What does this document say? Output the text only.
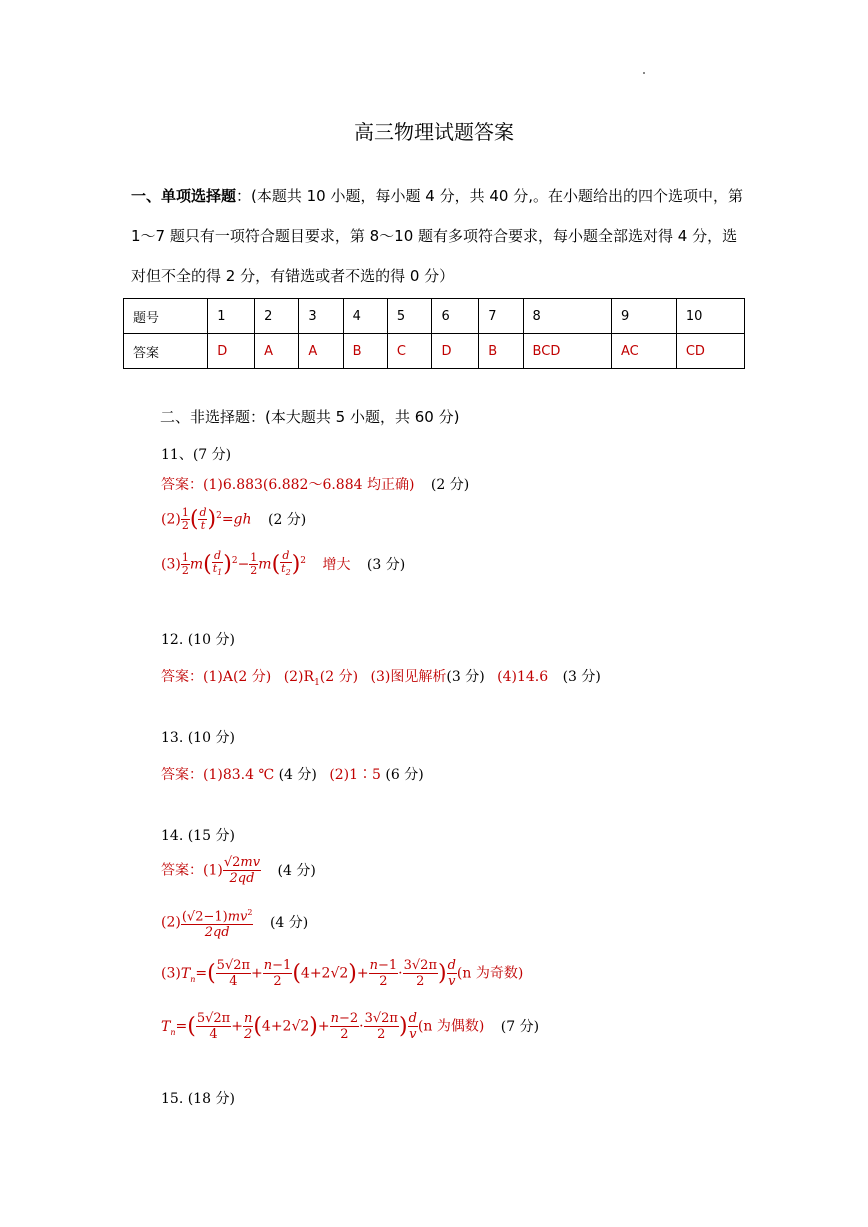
高三物理试题答案
一、单项选择题：(本题共 10 小题，每小题 4 分，共 40 分,。在小题给出的四个选项中，第 1～7 题只有一项符合题目要求，第 8～10 题有多项符合要求，每小题全部选对得 4 分，选对但不全的得 2 分，有错选或者不选的得 0 分）
题号	1	2	3	4	5	6	7	8	9	10
答案	D	A	A	B	C	D	B	BCD	AC	CD
二、非选择题：(本大题共 5 小题，共 60 分)
11、(7 分)
答案：(1)6.883(6.882～6.884 均正确) (2 分)
$(2) \frac{1}{2}$ ( $\frac{d}{t} )^2=gh$ (2 分)
$(3) \frac{1}{2} m( \frac{d}{t_1} )^2- \frac{1}{2} m( \frac{d}{t_2} )^2$ 增大 (3 分)
12. (10 分)
答案：(1)A(2 分) $(2)R_1(2$ 分) (3)图见解析(3 分) (4)14.6 (3 分)
13. (10 分)
答案：(1)83.4 ℃ (4 分) (2)1∶5 (6 分)
14. (15 分)
答案：$(1) \frac{√2mv}{2qd} (4$ 分)
$(2) \frac{(√2-1)mv^2}{2qd} (4$ 分)
$(3)T_n=( \frac{5√2\pi}{4} + \frac{n-1}{2} (4+2√2)+ \frac{n-1}{2} \cdot \frac{3√2\pi}{2}$ ) $\frac{d}{v} (n$ 为奇数)
$T_n=( \frac{5√2\pi}{4} + \frac{n}{2} (4+2√2)+ \frac{n-2}{2} \cdot \frac{3√2\pi}{2}$ ) $\frac{d}{v} (n$ 为偶数) (7 分)
15. (18 分)
